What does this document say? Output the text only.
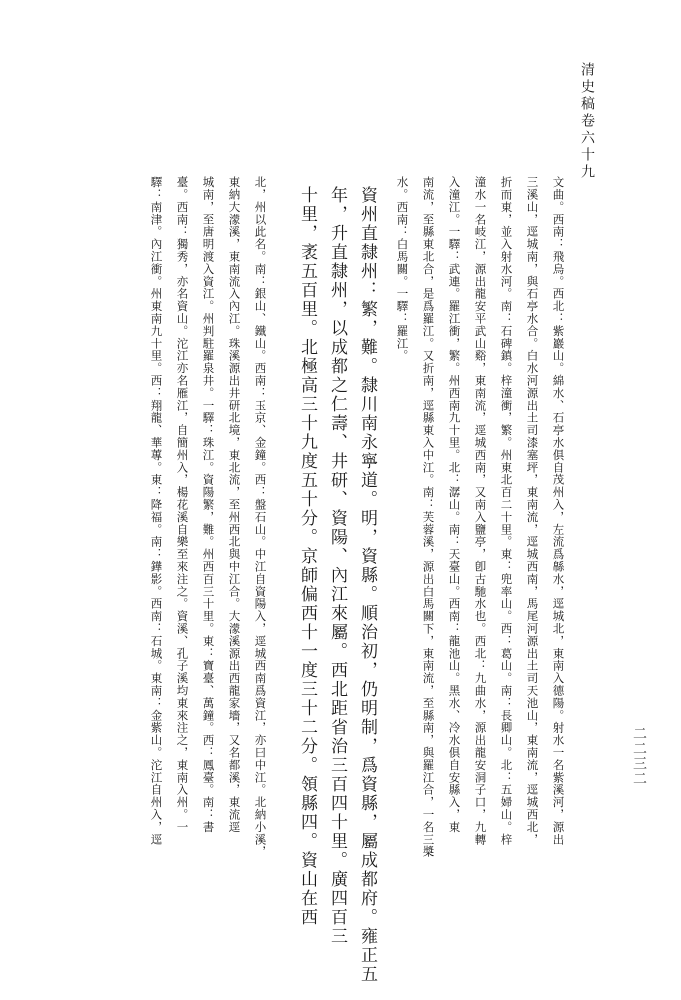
清史稿卷六十九
二二三二
文曲。西南：飛烏。西北：紫巖山。綿水、石亭水俱自茂州入，左流爲緜水，逕城北，東南入德陽。射水一名紫溪河，源出
三溪山，逕城南，與石亭水合。白水河源出土司漆塞坪，東南流，逕城西南，馬尾河源出土司天池山，東南流，逕城西北，
折而東，並入射水河。南：石碑鎮。梓潼衝，繁。州東北百二十里。東：兜率山。西：葛山。南：長卿山。北：五婦山。梓
潼水一名岐江，源出龍安平武山谿，東南流，逕城西南，又南入鹽亭，卽古馳水也。西北：九曲水，源出龍安洞子口，九轉
入潼江。一驛：武連。羅江衝，繁。州西南九十里。北：潺山。南：天臺山。西南：龍池山。黑水、冷水俱自安縣入，東
南流，至縣東北合，是爲羅江。又折南，逕縣東入中江。南：芙蓉溪，源出白馬關下，東南流，至縣南，與羅江合，一名三槳
水。西南：白馬關。一驛：羅江。
資州直隸州：繁，難。隸川南永寧道。明，資縣。順治初，仍明制，爲資縣，屬成都府。雍正五
年，升直隸州，以成都之仁壽、井研、資陽、內江來屬。西北距省治三百四十里。廣四百三
十里，袤五百里。北極高三十九度五十分。京師偏西十一度三十二分。領縣四。資山在西
北，州以此名。南：銀山、鐵山。西南：玉京、金鐘。西：盤石山。中江自資陽入，逕城西南爲資江，亦曰中江。北納小溪，
東納大濛溪，東南流入內江。珠溪源出井研北境，東北流，至州西北與中江合。大濛溪源出西龍家墻，又名都溪，東流逕
城南，至唐明渡入資江。州判駐羅泉井。一驛：珠江。資陽繁，難。州西百三十里。東：寶臺、萬鐘。西：鳳臺。南：書
臺。西南：獨秀，亦名資山。沱江亦名雁江，自簡州入，楊花溪自樂至來注之。資溪、孔子溪均東來注之，東南入州。一
驛：南津。內江衝。州東南九十里。西：翔龍、華蓴。東：降福。南：鏵影。西南：石城。東南：金紫山。沱江自州入，逕
